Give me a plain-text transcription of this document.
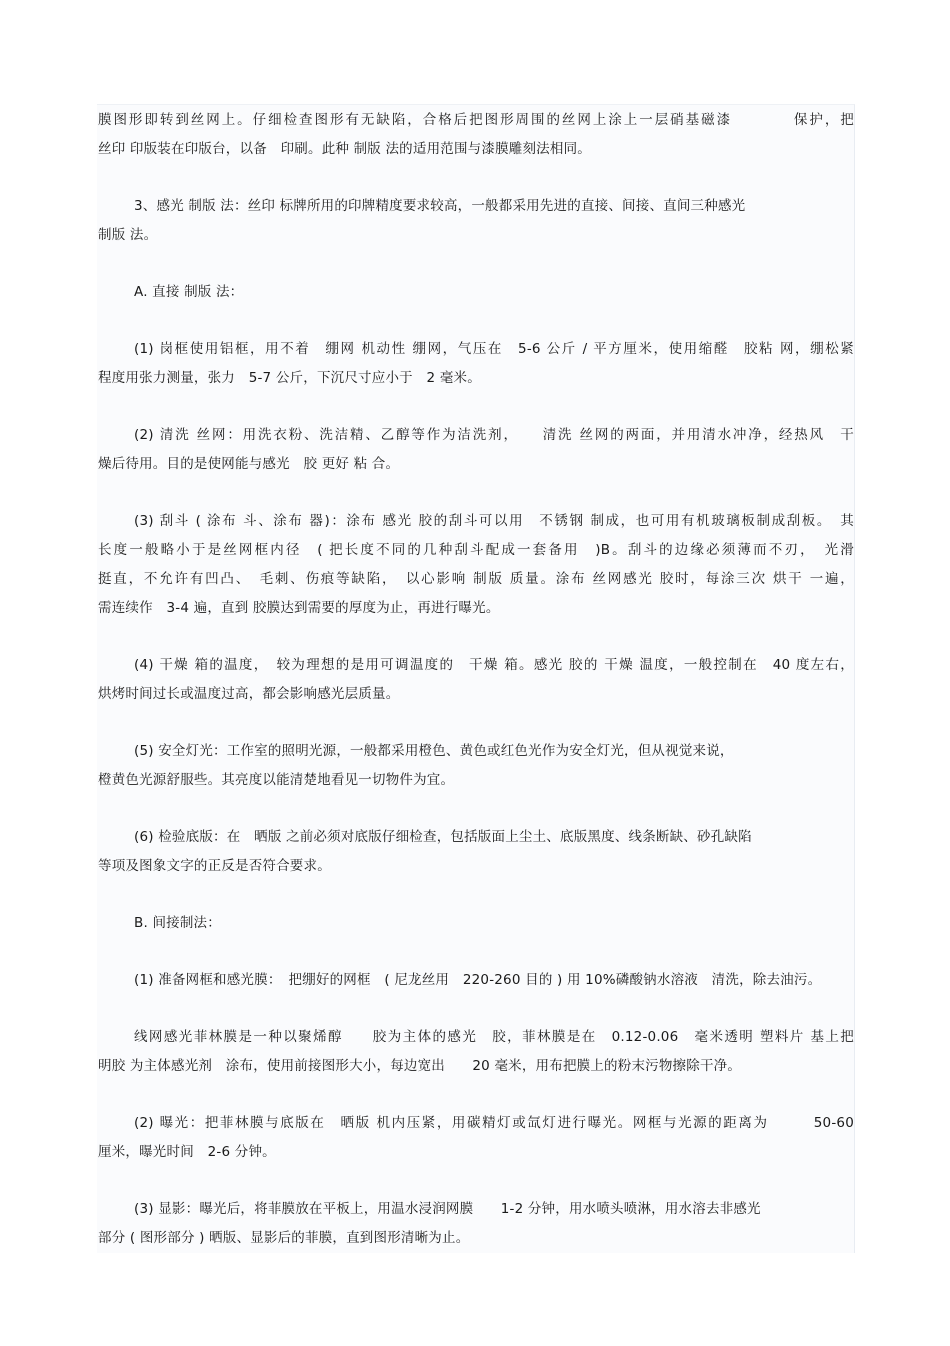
膜图形即转到丝网上。仔细检查图形有无缺陷，合格后把图形周围的丝网上涂上一层硝基磁漆　　　　保护，把
丝印 印版装在印版台，以备　印刷。此种 制版 法的适用范围与漆膜雕刻法相同。

3、感光 制版 法：丝印 标牌所用的印牌精度要求较高，一般都采用先进的直接、间接、直间三种感光
制版 法。

A. 直接 制版 法：

(1) 岗框使用铝框，用不着　绷网 机动性 绷网，气压在　5-6 公斤 / 平方厘米，使用缩醛　胶粘 网，绷松紧
程度用张力测量，张力　5-7 公斤，下沉尺寸应小于　2 毫米。

(2) 清洗 丝网：用洗衣粉、洗洁精、乙醇等作为洁洗剂，　　清洗 丝网的两面，并用清水冲净，经热风　干
燥后待用。目的是使网能与感光　胶 更好 粘 合。

(3) 刮斗 ( 涂布 斗、涂布 器)：涂布 感光 胶的刮斗可以用　不锈钢 制成，也可用有机玻璃板制成刮板。　其
长度一般略小于是丝网框内径　( 把长度不同的几种刮斗配成一套备用　)B。刮斗的边缘必须薄而不刃，　光滑
挺直，不允许有凹凸、　毛刺、伤痕等缺陷，　以心影响 制版 质量。涂布 丝网感光 胶时，每涂三次 烘干 一遍，
需连续作　3-4 遍，直到 胶膜达到需要的厚度为止，再进行曝光。

(4) 干燥 箱的温度，　较为理想的是用可调温度的　干燥 箱。感光 胶的 干燥 温度，一般控制在　40 度左右，
烘烤时间过长或温度过高，都会影响感光层质量。

(5) 安全灯光：工作室的照明光源，一般都采用橙色、黄色或红色光作为安全灯光，但从视觉来说，
橙黄色光源舒服些。其亮度以能清楚地看见一切物件为宜。

(6) 检验底版：在　晒版 之前必须对底版仔细检查，包括版面上尘土、底版黑度、线条断缺、砂孔缺陷
等项及图象文字的正反是否符合要求。

B. 间接制法：

(1) 准备网框和感光膜：　把绷好的网框　( 尼龙丝用　220-260 目的 ) 用 10%磷酸钠水溶液　清洗，除去油污。

线网感光菲林膜是一种以聚烯醇　　胶为主体的感光　胶，菲林膜是在　0.12-0.06　毫米透明 塑料片 基上把
明胶 为主体感光剂　涂布，使用前接图形大小，每边宽出　　20 毫米，用布把膜上的粉末污物擦除干净。

(2) 曝光：把菲林膜与底版在　晒版 机内压紧，用碳精灯或氙灯进行曝光。网框与光源的距离为　　　50-60
厘米，曝光时间　2-6 分钟。

(3) 显影：曝光后，将菲膜放在平板上，用温水浸润网膜　　1-2 分钟，用水喷头喷淋，用水溶去非感光
部分 ( 图形部分 ) 晒版、显影后的菲膜，直到图形清晰为止。
